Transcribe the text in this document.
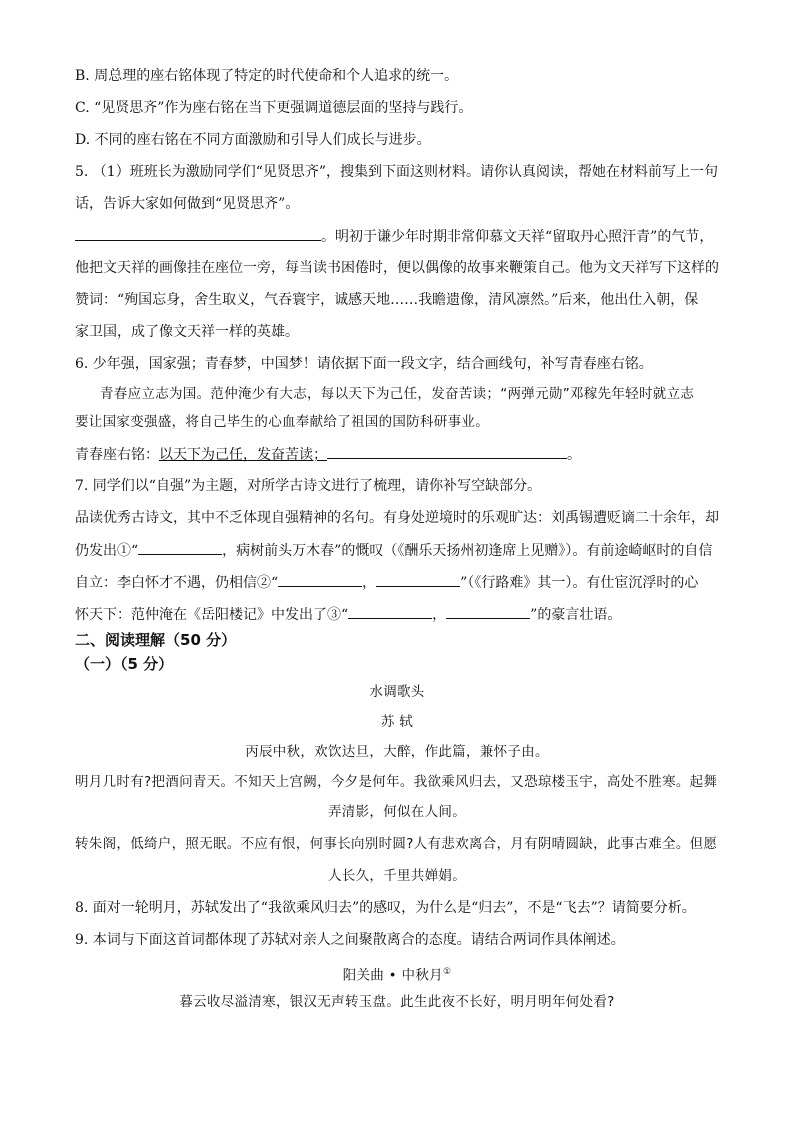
B. 周总理的座右铭体现了特定的时代使命和个人追求的统一。
C. “见贤思齐”作为座右铭在当下更强调道德层面的坚持与践行。
D. 不同的座右铭在不同方面激励和引导人们成长与进步。
5. （1）班班长为激励同学们“见贤思齐”，搜集到下面这则材料。请你认真阅读，帮她在材料前写上一句
话，告诉大家如何做到“见贤思齐”。
。明初于谦少年时期非常仰慕文天祥“留取丹心照汗青”的气节，
他把文天祥的画像挂在座位一旁，每当读书困倦时，便以偶像的故事来鞭策自己。他为文天祥写下这样的
赞词：“殉国忘身，舍生取义，气吞寰宇，诚感天地……我瞻遗像，清风凛然。”后来，他出仕入朝，保
家卫国，成了像文天祥一样的英雄。
6. 少年强，国家强；青春梦，中国梦！请依据下面一段文字，结合画线句，补写青春座右铭。
青春应立志为国。范仲淹少有大志，每以天下为己任，发奋苦读；“两弹元勋”邓稼先年轻时就立志
要让国家变强盛，将自己毕生的心血奉献给了祖国的国防科研事业。
青春座右铭：以天下为己任，发奋苦读；	。
7. 同学们以“自强”为主题，对所学古诗文进行了梳理，请你补写空缺部分。
品读优秀古诗文，其中不乏体现自强精神的名句。有身处逆境时的乐观旷达：刘禹锡遭贬谪二十余年，却
仍发出①“	，病树前头万木春”的慨叹（《酬乐天扬州初逢席上见赠》）。有前途崎岖时的自信
自立：李白怀才不遇，仍相信②“	，	”（《行路难》其一）。有仕宦沉浮时的心
怀天下：范仲淹在《岳阳楼记》中发出了③“	，	”的豪言壮语。
二、阅读理解（50 分）
（一）（5 分）
水调歌头
苏 轼
丙辰中秋，欢饮达旦，大醉，作此篇，兼怀子由。
明月几时有?把酒问青天。不知天上宫阙，今夕是何年。我欲乘风归去，又恐琼楼玉宇，高处不胜寒。起舞
弄清影，何似在人间。
转朱阁，低绮户，照无眠。不应有恨，何事长向别时圆?人有悲欢离合，月有阴晴圆缺，此事古难全。但愿
人长久，千里共婵娟。
8. 面对一轮明月，苏轼发出了“我欲乘风归去”的感叹，为什么是“归去”，不是“飞去”？请简要分析。
9. 本词与下面这首词都体现了苏轼对亲人之间聚散离合的态度。请结合两词作具体阐述。
阳关曲 • 中秋月①
暮云收尽溢清寒，银汉无声转玉盘。此生此夜不长好，明月明年何处看?
